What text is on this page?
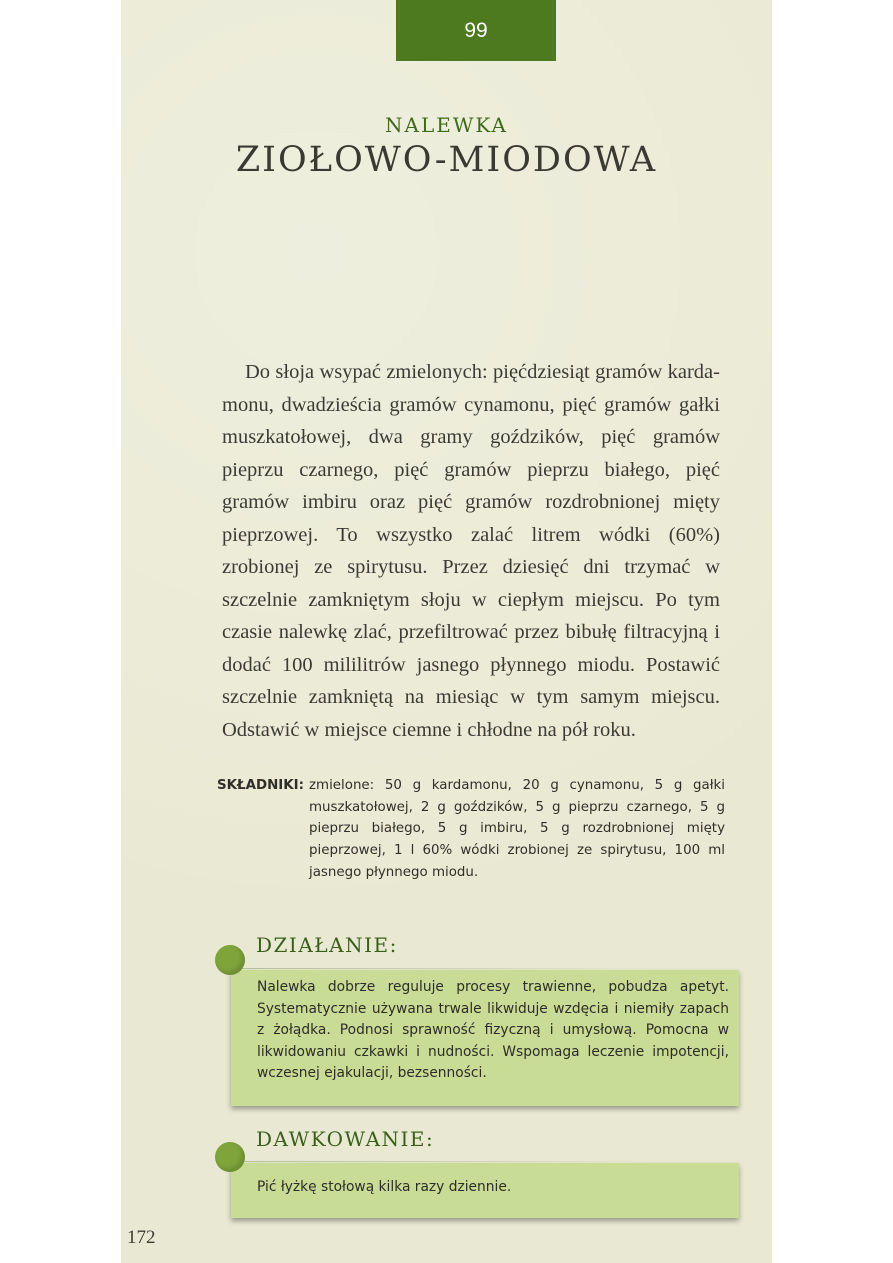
99
NALEWKA
ZIOŁOWO-MIODOWA
Do słoja wsypać zmielonych: pięćdziesiąt gramów kardamonu, dwadzieścia gramów cynamonu, pięć gramów gałki muszkatołowej, dwa gramy goździków, pięć gramów pieprzu czarnego, pięć gramów pieprzu białego, pięć gramów imbiru oraz pięć gramów rozdrobnionej mięty pieprzowej. To wszystko zalać litrem wódki (60%) zrobionej ze spirytusu. Przez dziesięć dni trzymać w szczelnie zamkniętym słoju w ciepłym miejscu. Po tym czasie nalewkę zlać, przefiltrować przez bibułę filtracyjną i dodać 100 mililitrów jasnego płynnego miodu. Postawić szczelnie zamkniętą na miesiąc w tym samym miejscu. Odstawić w miejsce ciemne i chłodne na pół roku.
SKŁADNIKI: zmielone: 50 g kardamonu, 20 g cynamonu, 5 g gałki muszkatołowej, 2 g goździków, 5 g pieprzu czarnego, 5 g pieprzu białego, 5 g imbiru, 5 g rozdrobnionej mięty pieprzowej, 1 l 60% wódki zrobionej ze spirytusu, 100 ml jasnego płynnego miodu.
DZIAŁANIE:

Nalewka dobrze reguluje procesy trawienne, pobudza apetyt. Systematycznie używana trwale likwiduje wzdęcia i niemiły zapach z żołądka. Podnosi sprawność fizyczną i umysłową. Pomocna w likwidowaniu czkawki i nudności. Wspomaga leczenie impotencji, wczesnej ejakulacji, bezsenności.

DAWKOWANIE:

Pić łyżkę stołową kilka razy dziennie.

172
